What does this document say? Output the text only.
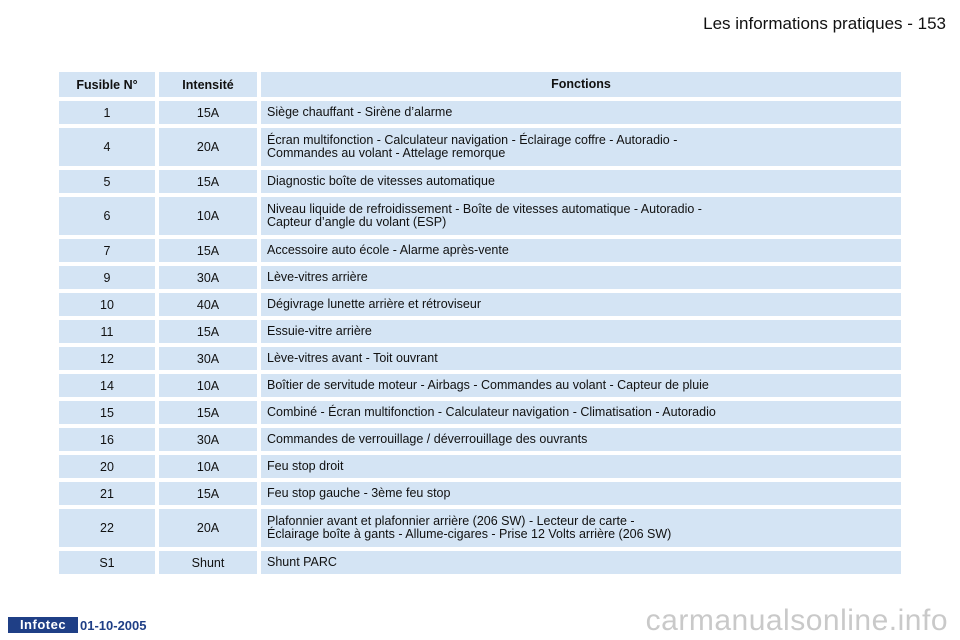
Les informations pratiques - 153
Fusible N°	Intensité	Fonctions
1	15A	Siège chauffant - Sirène d’alarme
4	20A	Écran multifonction - Calculateur navigation - Éclairage coffre - Autoradio -
Commandes au volant - Attelage remorque
5	15A	Diagnostic boîte de vitesses automatique
6	10A	Niveau liquide de refroidissement - Boîte de vitesses automatique - Autoradio -
Capteur d’angle du volant (ESP)
7	15A	Accessoire auto école - Alarme après-vente
9	30A	Lève-vitres arrière
10	40A	Dégivrage lunette arrière et rétroviseur
11	15A	Essuie-vitre arrière
12	30A	Lève-vitres avant - Toit ouvrant
14	10A	Boîtier de servitude moteur - Airbags - Commandes au volant - Capteur de pluie
15	15A	Combiné - Écran multifonction - Calculateur navigation - Climatisation - Autoradio
16	30A	Commandes de verrouillage / déverrouillage des ouvrants
20	10A	Feu stop droit
21	15A	Feu stop gauche - 3ème feu stop
22	20A	Plafonnier avant et plafonnier arrière (206 SW) - Lecteur de carte -
Éclairage boîte à gants - Allume-cigares - Prise 12 Volts arrière (206 SW)
S1	Shunt	Shunt PARC
Infotec	01-10-2005	carmanualsonline.info
